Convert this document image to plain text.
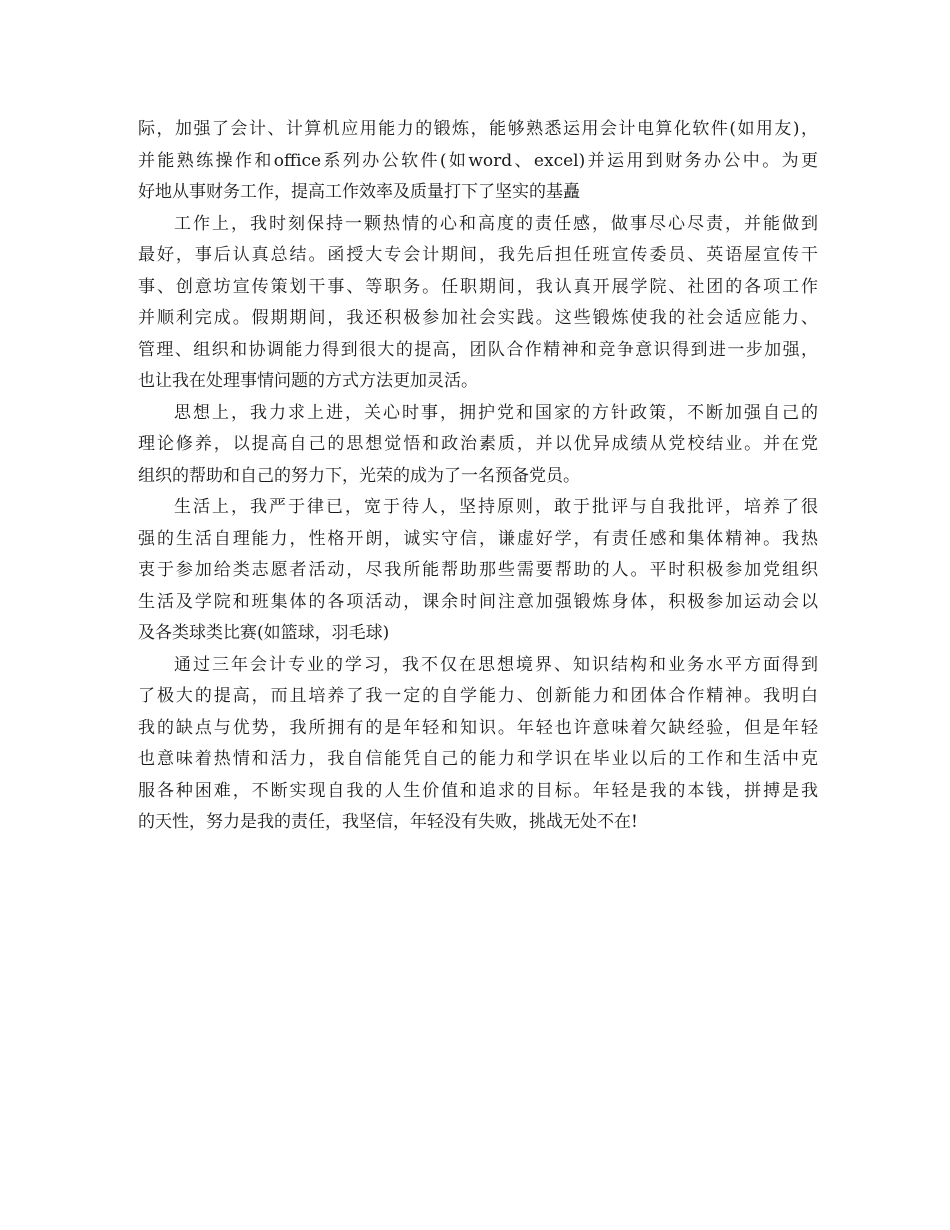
际，加强了会计、计算机应用能力的锻炼，能够熟悉运用会计电算化软件(如用友)，
并能熟练操作和office系列办公软件(如word、excel)并运用到财务办公中。为更
好地从事财务工作，提高工作效率及质量打下了坚实的基矗
工作上，我时刻保持一颗热情的心和高度的责任感，做事尽心尽责，并能做到
最好，事后认真总结。函授大专会计期间，我先后担任班宣传委员、英语屋宣传干
事、创意坊宣传策划干事、等职务。任职期间，我认真开展学院、社团的各项工作
并顺利完成。假期期间，我还积极参加社会实践。这些锻炼使我的社会适应能力、
管理、组织和协调能力得到很大的提高，团队合作精神和竞争意识得到进一步加强，
也让我在处理事情问题的方式方法更加灵活。
思想上，我力求上进，关心时事，拥护党和国家的方针政策，不断加强自己的
理论修养，以提高自己的思想觉悟和政治素质，并以优异成绩从党校结业。并在党
组织的帮助和自己的努力下，光荣的成为了一名预备党员。
生活上，我严于律已，宽于待人，坚持原则，敢于批评与自我批评，培养了很
强的生活自理能力，性格开朗，诚实守信，谦虚好学，有责任感和集体精神。我热
衷于参加给类志愿者活动，尽我所能帮助那些需要帮助的人。平时积极参加党组织
生活及学院和班集体的各项活动，课余时间注意加强锻炼身体，积极参加运动会以
及各类球类比赛(如篮球，羽毛球)
通过三年会计专业的学习，我不仅在思想境界、知识结构和业务水平方面得到
了极大的提高，而且培养了我一定的自学能力、创新能力和团体合作精神。我明白
我的缺点与优势，我所拥有的是年轻和知识。年轻也许意味着欠缺经验，但是年轻
也意味着热情和活力，我自信能凭自己的能力和学识在毕业以后的工作和生活中克
服各种困难，不断实现自我的人生价值和追求的目标。年轻是我的本钱，拼搏是我
的天性，努力是我的责任，我坚信，年轻没有失败，挑战无处不在!
